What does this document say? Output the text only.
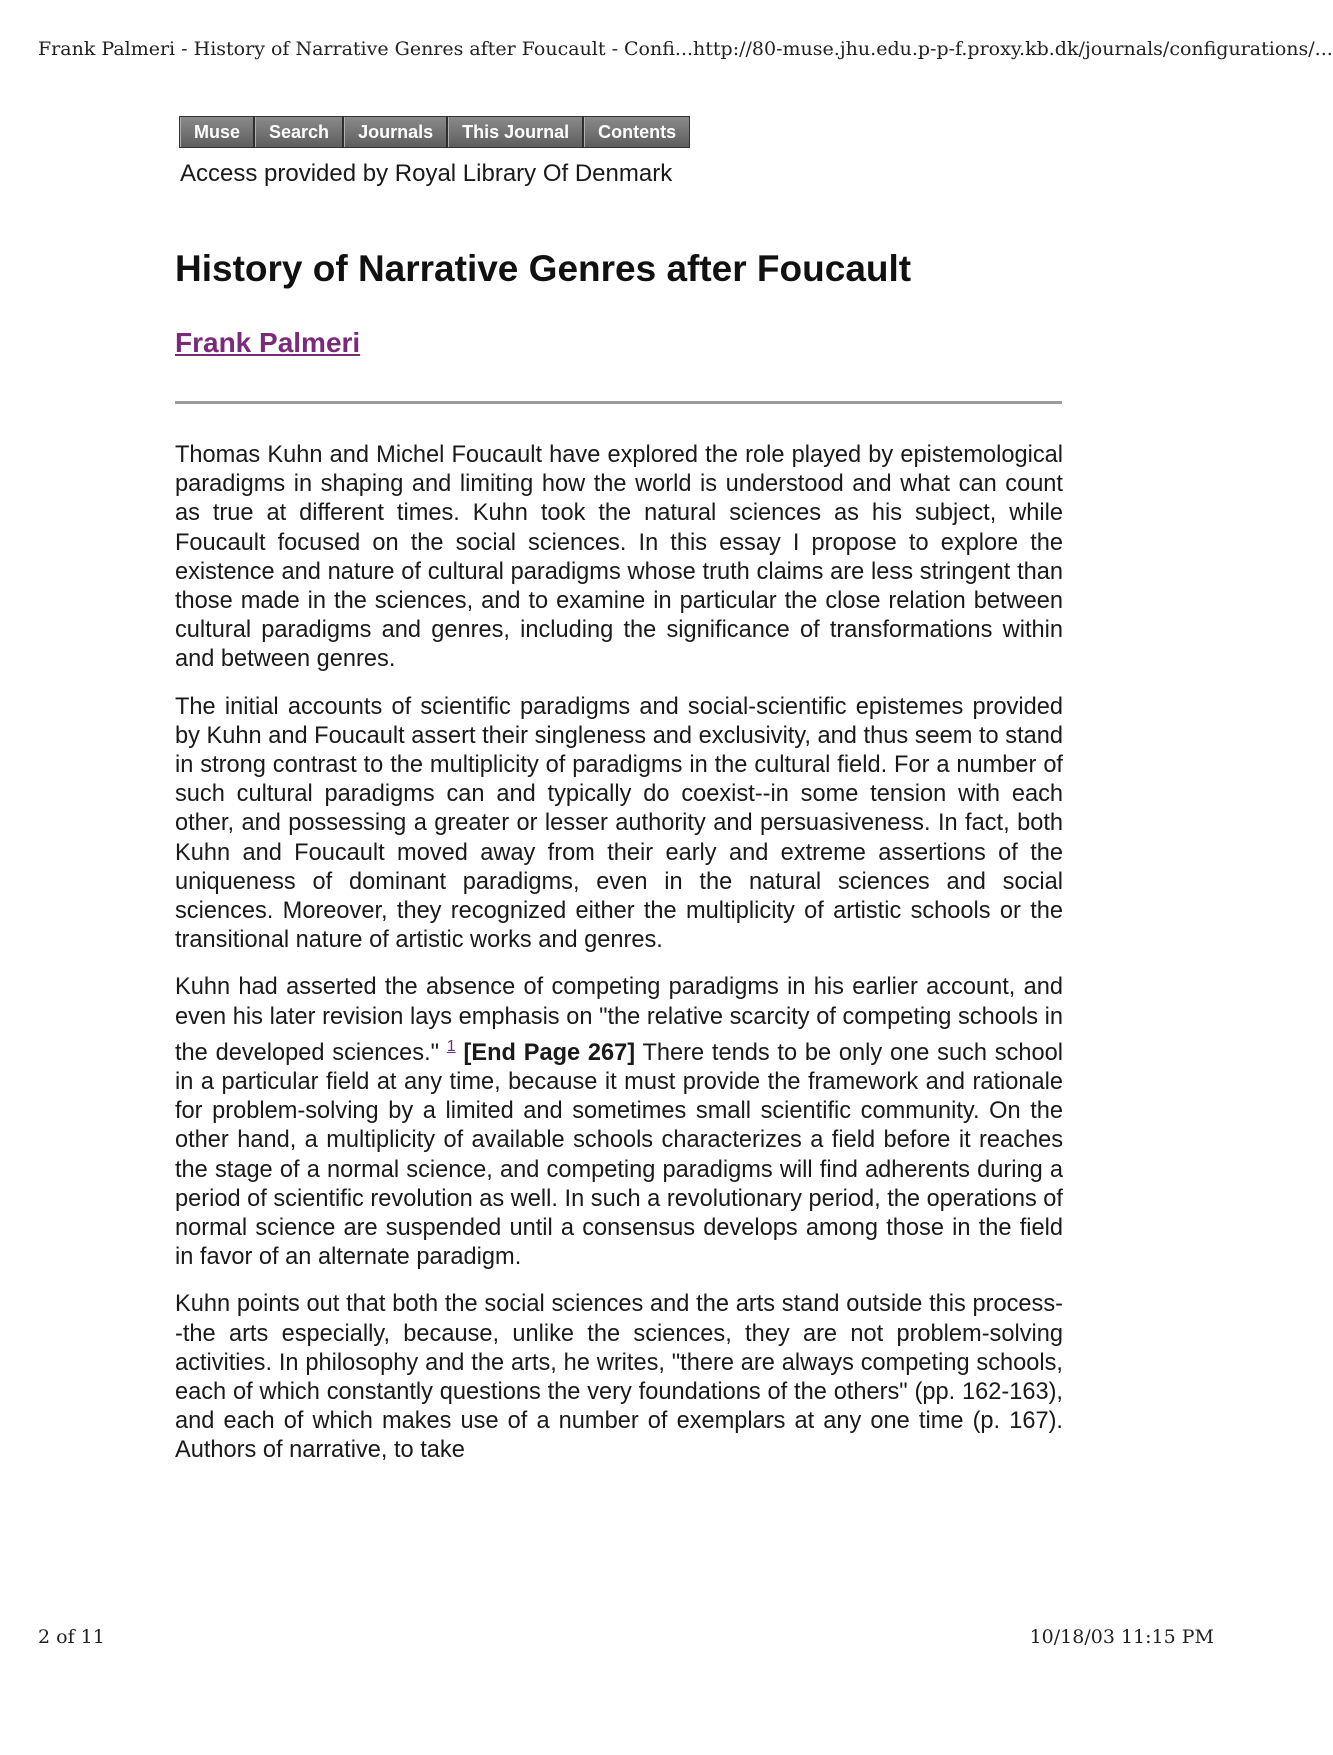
Frank Palmeri - History of Narrative Genres after Foucault - Confi... http://80-muse.jhu.edu.p-p-f.proxy.kb.dk/journals/configurations/...
Muse	Search	Journals	This Journal	Contents
Access provided by Royal Library Of Denmark
History of Narrative Genres after Foucault
Frank Palmeri

Thomas Kuhn and Michel Foucault have explored the role played by epistemological paradigms in shaping and limiting how the world is understood and what can count as true at different times. Kuhn took the natural sciences as his subject, while Foucault focused on the social sciences. In this essay I propose to explore the existence and nature of cultural paradigms whose truth claims are less stringent than those made in the sciences, and to examine in particular the close relation between cultural paradigms and genres, including the significance of transformations within and between genres.

The initial accounts of scientific paradigms and social-scientific epistemes provided by Kuhn and Foucault assert their singleness and exclusivity, and thus seem to stand in strong contrast to the multiplicity of paradigms in the cultural field. For a number of such cultural paradigms can and typically do coexist--in some tension with each other, and possessing a greater or lesser authority and persuasiveness. In fact, both Kuhn and Foucault moved away from their early and extreme assertions of the uniqueness of dominant paradigms, even in the natural sciences and social sciences. Moreover, they recognized either the multiplicity of artistic schools or the transitional nature of artistic works and genres.

Kuhn had asserted the absence of competing paradigms in his earlier account, and even his later revision lays emphasis on "the relative scarcity of competing schools in the developed sciences." $^1$ [End Page 267] There tends to be only one such school in a particular field at any time, because it must provide the framework and rationale for problem-solving by a limited and sometimes small scientific community. On the other hand, a multiplicity of available schools characterizes a field before it reaches the stage of a normal science, and competing paradigms will find adherents during a period of scientific revolution as well. In such a revolutionary period, the operations of normal science are suspended until a consensus develops among those in the field in favor of an alternate paradigm.

Kuhn points out that both the social sciences and the arts stand outside this process--the arts especially, because, unlike the sciences, they are not problem-solving activities. In philosophy and the arts, he writes, "there are always competing schools, each of which constantly questions the very foundations of the others" (pp. 162-163), and each of which makes use of a number of exemplars at any one time (p. 167). Authors of narrative, to take

2 of 11	10/18/03 11:15 PM
